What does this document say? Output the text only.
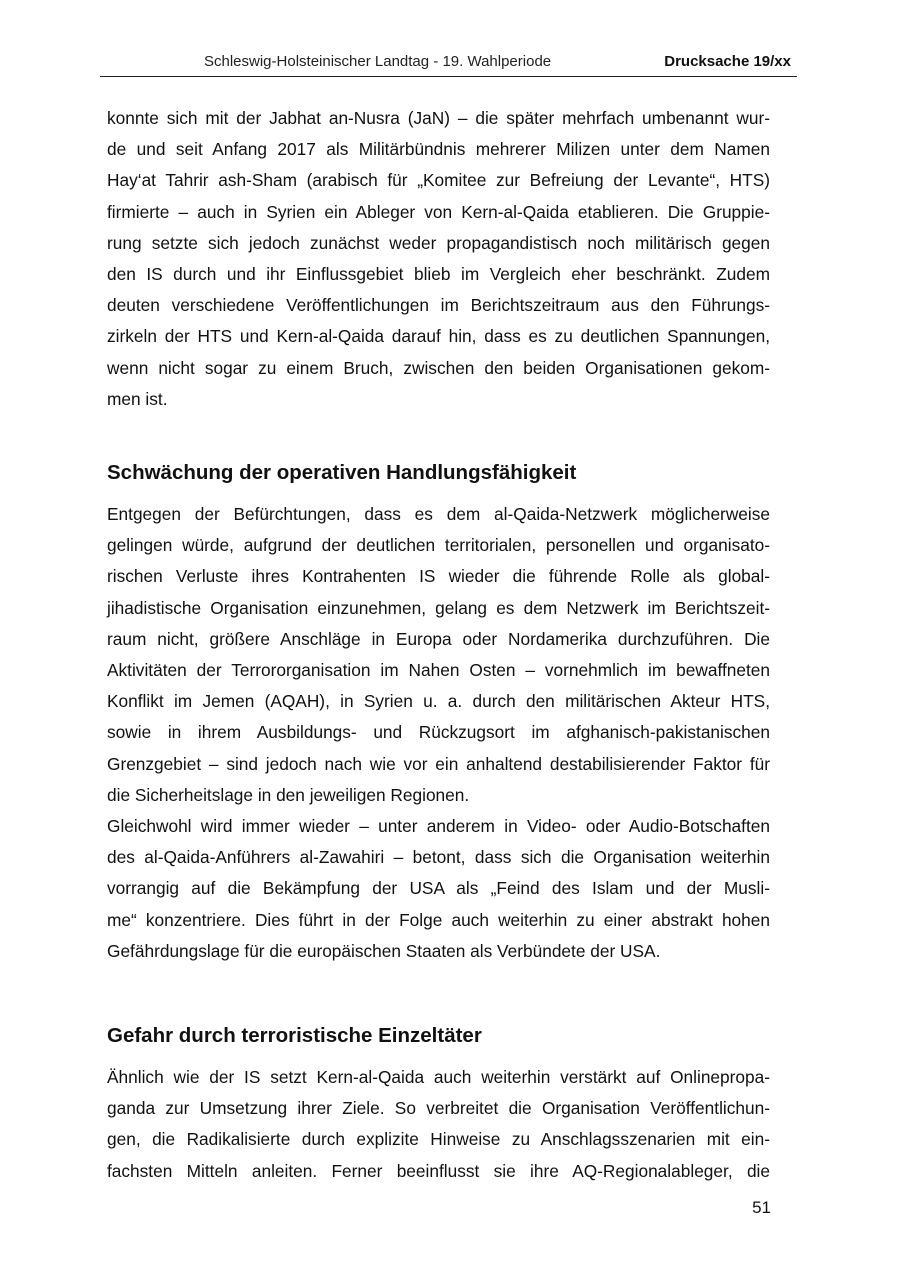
Schleswig-Holsteinischer Landtag - 19. Wahlperiode	Drucksache 19/xx

konnte sich mit der Jabhat an-Nusra (JaN) – die später mehrfach umbenannt wur-
de und seit Anfang 2017 als Militärbündnis mehrerer Milizen unter dem Namen
Hay‘at Tahrir ash-Sham (arabisch für „Komitee zur Befreiung der Levante“, HTS)
firmierte – auch in Syrien ein Ableger von Kern-al-Qaida etablieren. Die Gruppie-
rung setzte sich jedoch zunächst weder propagandistisch noch militärisch gegen
den IS durch und ihr Einflussgebiet blieb im Vergleich eher beschränkt. Zudem
deuten verschiedene Veröffentlichungen im Berichtszeitraum aus den Führungs-
zirkeln der HTS und Kern-al-Qaida darauf hin, dass es zu deutlichen Spannungen,
wenn nicht sogar zu einem Bruch, zwischen den beiden Organisationen gekom-
men ist.

Schwächung der operativen Handlungsfähigkeit

Entgegen der Befürchtungen, dass es dem al-Qaida-Netzwerk möglicherweise
gelingen würde, aufgrund der deutlichen territorialen, personellen und organisato-
rischen Verluste ihres Kontrahenten IS wieder die führende Rolle als global-
jihadistische Organisation einzunehmen, gelang es dem Netzwerk im Berichtszeit-
raum nicht, größere Anschläge in Europa oder Nordamerika durchzuführen. Die
Aktivitäten der Terrororganisation im Nahen Osten – vornehmlich im bewaffneten
Konflikt im Jemen (AQAH), in Syrien u. a. durch den militärischen Akteur HTS,
sowie in ihrem Ausbildungs- und Rückzugsort im afghanisch-pakistanischen
Grenzgebiet – sind jedoch nach wie vor ein anhaltend destabilisierender Faktor für
die Sicherheitslage in den jeweiligen Regionen.

Gleichwohl wird immer wieder – unter anderem in Video- oder Audio-Botschaften
des al-Qaida-Anführers al-Zawahiri – betont, dass sich die Organisation weiterhin
vorrangig auf die Bekämpfung der USA als „Feind des Islam und der Musli-
me“ konzentriere. Dies führt in der Folge auch weiterhin zu einer abstrakt hohen
Gefährdungslage für die europäischen Staaten als Verbündete der USA.

Gefahr durch terroristische Einzeltäter

Ähnlich wie der IS setzt Kern-al-Qaida auch weiterhin verstärkt auf Onlinepropa-
ganda zur Umsetzung ihrer Ziele. So verbreitet die Organisation Veröffentlichun-
gen, die Radikalisierte durch explizite Hinweise zu Anschlagsszenarien mit ein-
fachsten Mitteln anleiten. Ferner beeinflusst sie ihre AQ-Regionalableger, die

51
